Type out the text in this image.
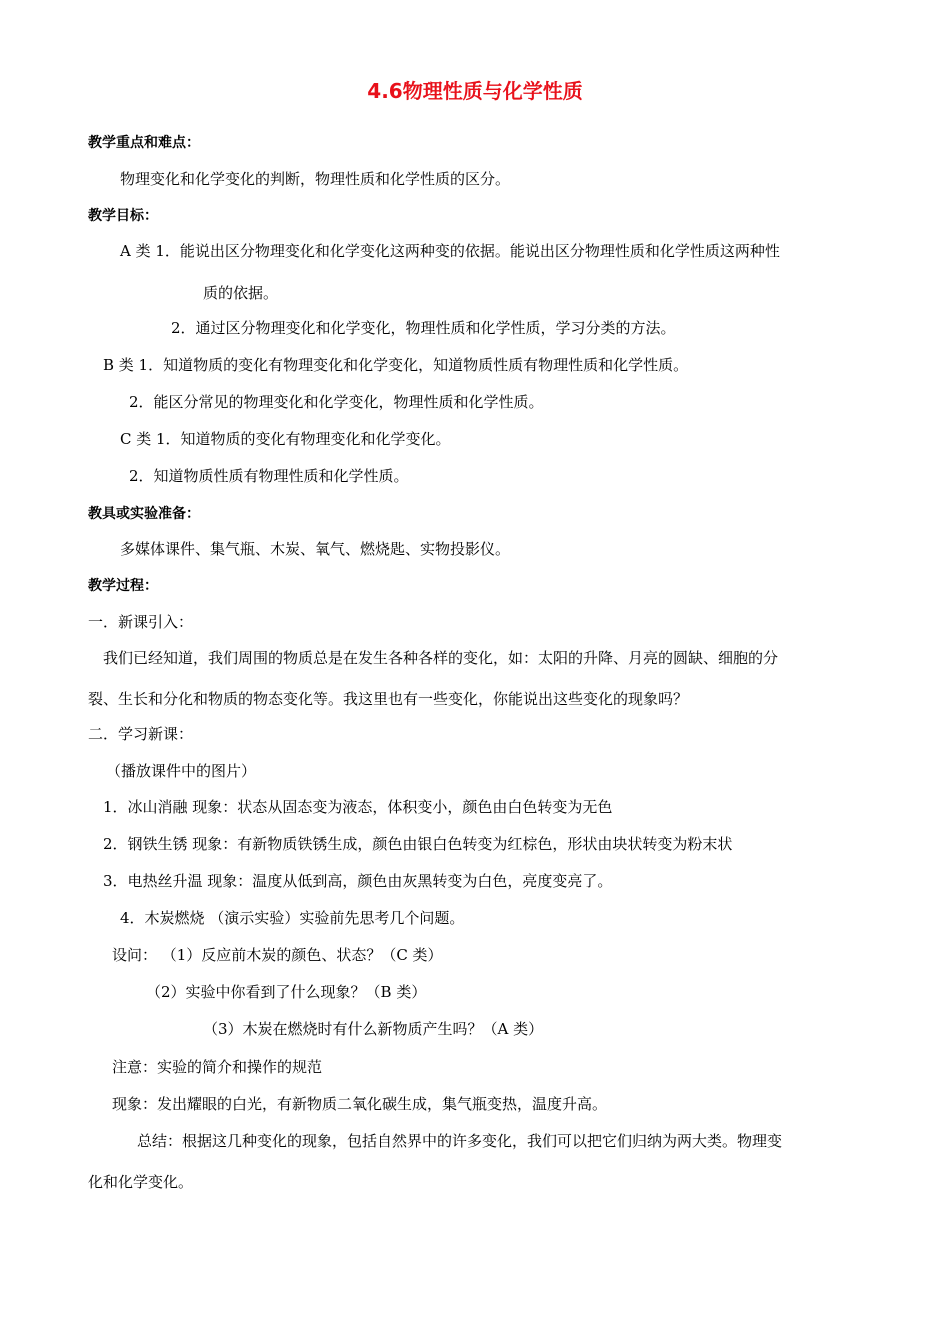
4.6物理性质与化学性质
教学重点和难点：
物理变化和化学变化的判断，物理性质和化学性质的区分。
教学目标：
A 类 1．能说出区分物理变化和化学变化这两种变的依据。能说出区分物理性质和化学性质这两种性
质的依据。
2．通过区分物理变化和化学变化，物理性质和化学性质，学习分类的方法。
B 类 1．知道物质的变化有物理变化和化学变化，知道物质性质有物理性质和化学性质。
2．能区分常见的物理变化和化学变化，物理性质和化学性质。
C 类 1．知道物质的变化有物理变化和化学变化。
2．知道物质性质有物理性质和化学性质。
教具或实验准备：
多媒体课件、集气瓶、木炭、氧气、燃烧匙、实物投影仪。
教学过程：
一．新课引入：
我们已经知道，我们周围的物质总是在发生各种各样的变化，如：太阳的升降、月亮的圆缺、细胞的分
裂、生长和分化和物质的物态变化等。我这里也有一些变化，你能说出这些变化的现象吗？
二．学习新课：
（播放课件中的图片）
1．冰山消融 现象：状态从固态变为液态，体积变小，颜色由白色转变为无色
2．钢铁生锈 现象：有新物质铁锈生成，颜色由银白色转变为红棕色，形状由块状转变为粉末状
3．电热丝升温 现象：温度从低到高，颜色由灰黑转变为白色，亮度变亮了。
4．木炭燃烧 （演示实验）实验前先思考几个问题。
设问： （1）反应前木炭的颜色、状态？（C 类）
（2）实验中你看到了什么现象？（B 类）
（3）木炭在燃烧时有什么新物质产生吗？（A 类）
注意：实验的简介和操作的规范
现象：发出耀眼的白光，有新物质二氧化碳生成，集气瓶变热，温度升高。
总结：根据这几种变化的现象，包括自然界中的许多变化，我们可以把它们归纳为两大类。物理变
化和化学变化。
